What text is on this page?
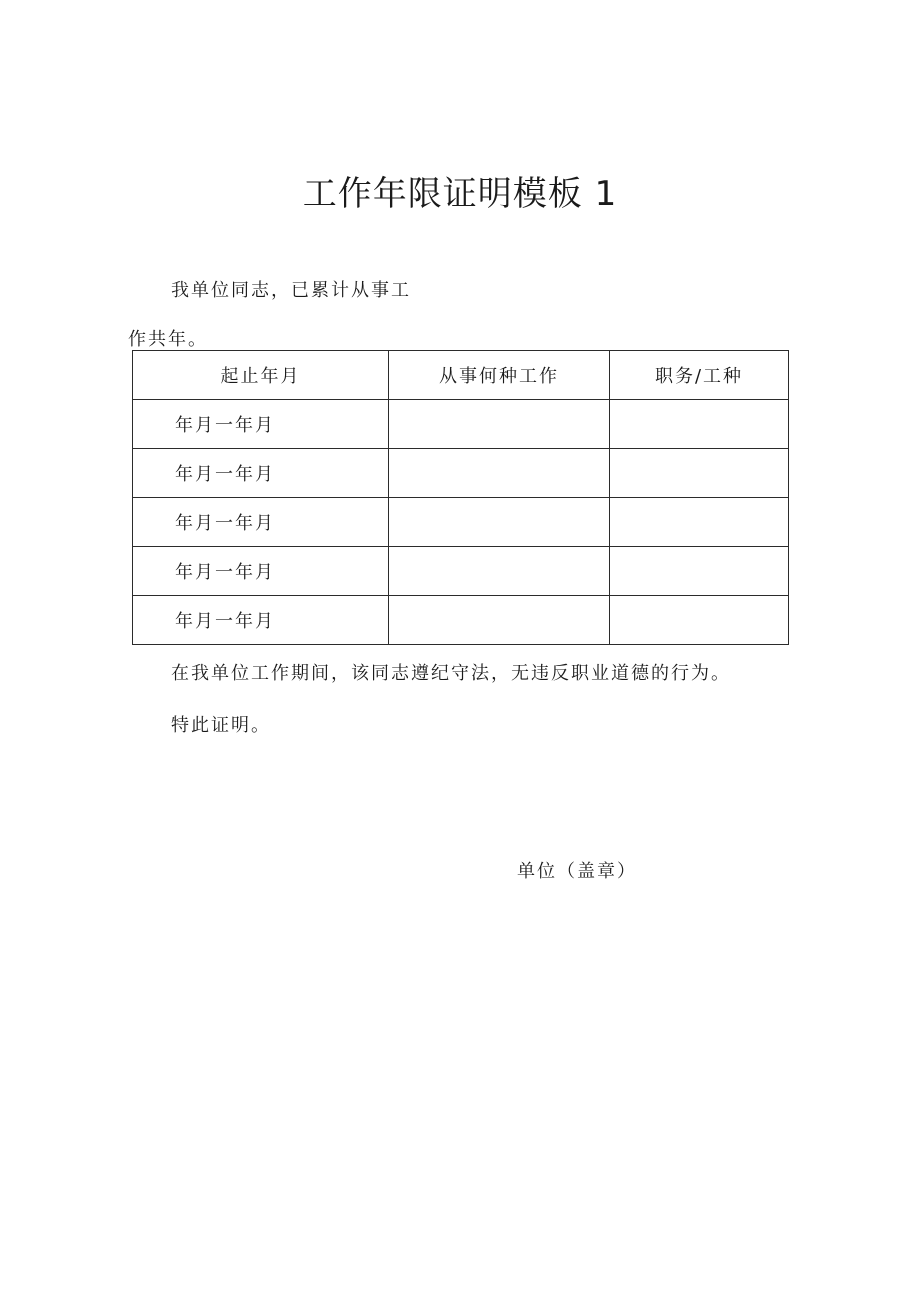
工作年限证明模板 1
我单位同志，已累计从事工
作共年。
起止年月	从事何种工作	职务/工种
年月一年月		
年月一年月		
年月一年月		
年月一年月		
年月一年月		
在我单位工作期间，该同志遵纪守法，无违反职业道德的行为。
特此证明。
单位（盖章）
